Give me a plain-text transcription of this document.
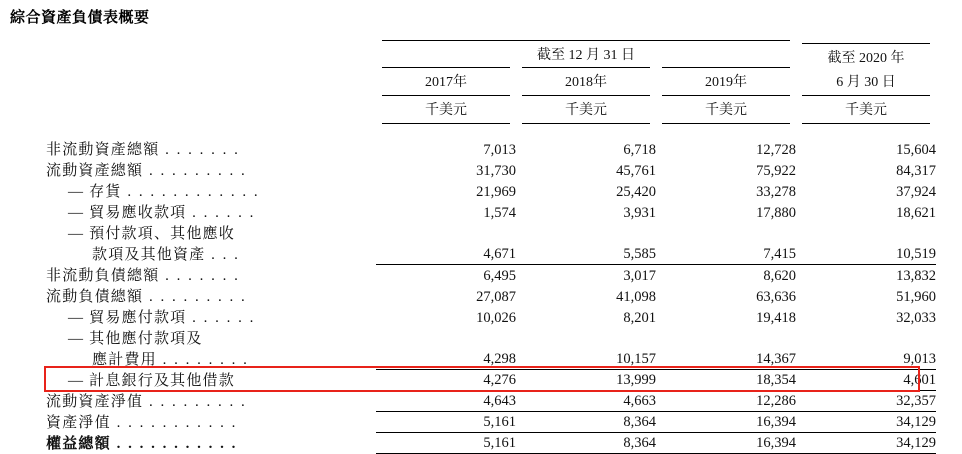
綜合資產負債表概要

	截至 12 月 31 日			截至 2020 年

	2017年	2018年	2019年	6 月 30 日

	千美元	千美元	千美元	千美元

非流動資產總額 . . . . . . .	7,013	6,718	12,728	15,604
流動資產總額 . . . . . . . . .	31,730	45,761	75,922	84,317
— 存貨 . . . . . . . . . . . .	21,969	25,420	33,278	37,924
— 貿易應收款項 . . . . . .	1,574	3,931	17,880	18,621
— 預付款項、其他應收				
款項及其他資產 . . .	4,671	5,585	7,415	10,519
非流動負債總額 . . . . . . .	6,495	3,017	8,620	13,832
流動負債總額 . . . . . . . . .	27,087	41,098	63,636	51,960
— 貿易應付款項 . . . . . .	10,026	8,201	19,418	32,033
— 其他應付款項及				
應計費用 . . . . . . . .	4,298	10,157	14,367	9,013
— 計息銀行及其他借款	4,276	13,999	18,354	4,601
流動資產淨值 . . . . . . . . .	4,643	4,663	12,286	32,357
資產淨值 . . . . . . . . . . .	5,161	8,364	16,394	34,129
權益總額 . . . . . . . . . . .	5,161	8,364	16,394	34,129
